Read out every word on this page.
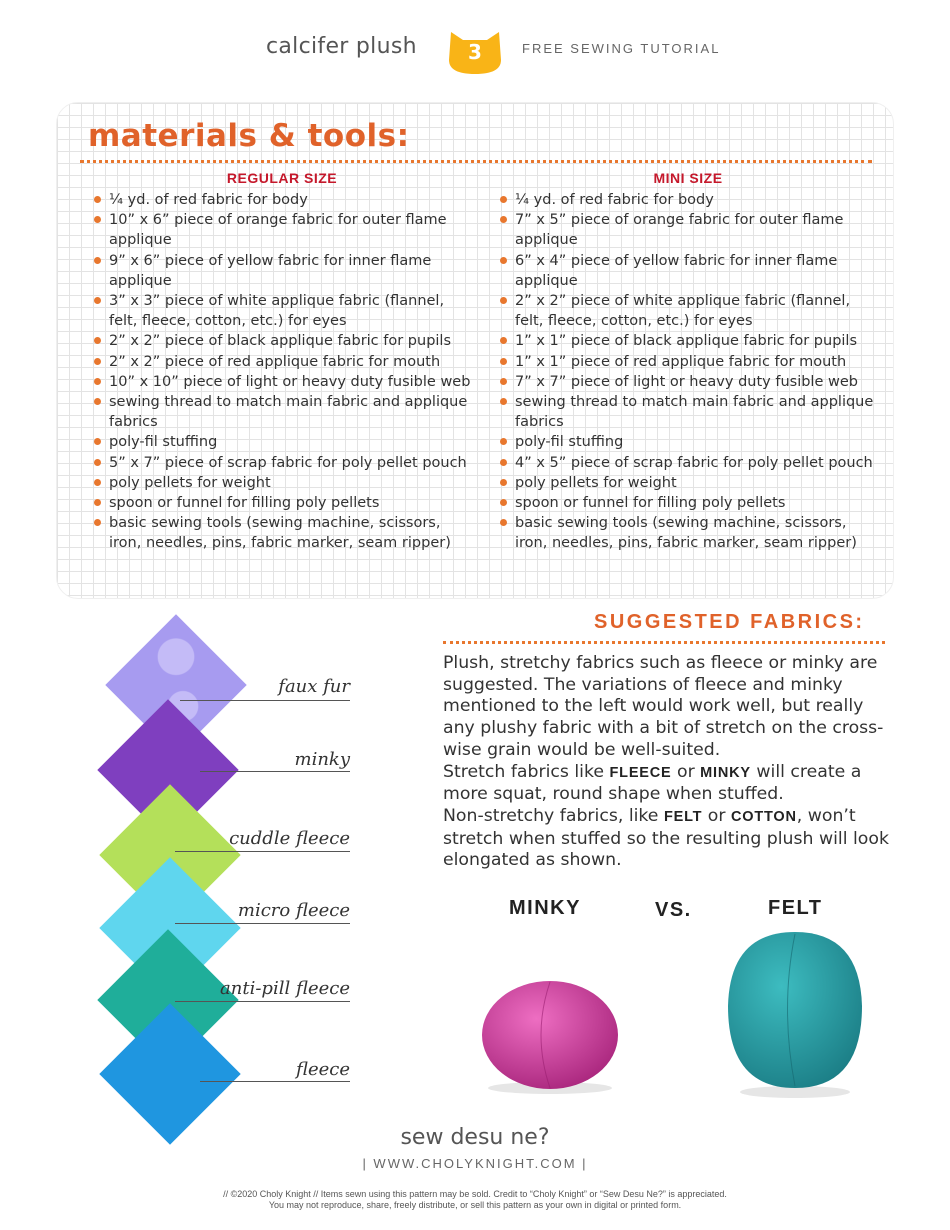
calcifer plush	3	FREE SEWING TUTORIAL
materials & tools:
REGULAR SIZE
¼ yd. of red fabric for body
10” x 6” piece of orange fabric for outer flame applique
9” x 6” piece of yellow fabric for inner flame applique
3” x 3” piece of white applique fabric (flannel, felt, fleece, cotton, etc.) for eyes
2” x 2” piece of black applique fabric for pupils
2” x 2” piece of red applique fabric for mouth
10” x 10” piece of light or heavy duty fusible web
sewing thread to match main fabric and applique fabrics
poly-fil stuffing
5” x 7” piece of scrap fabric for poly pellet pouch
poly pellets for weight
spoon or funnel for filling poly pellets
basic sewing tools (sewing machine, scissors, iron, needles, pins, fabric marker, seam ripper)
MINI SIZE
¼ yd. of red fabric for body
7” x 5” piece of orange fabric for outer flame applique
6” x 4” piece of yellow fabric for inner flame applique
2” x 2” piece of white applique fabric (flannel, felt, fleece, cotton, etc.) for eyes
1” x 1” piece of black applique fabric for pupils
1” x 1” piece of red applique fabric for mouth
7” x 7” piece of light or heavy duty fusible web
sewing thread to match main fabric and applique fabrics
poly-fil stuffing
4” x 5” piece of scrap fabric for poly pellet pouch
poly pellets for weight
spoon or funnel for filling poly pellets
basic sewing tools (sewing machine, scissors, iron, needles, pins, fabric marker, seam ripper)
faux fur
minky
cuddle fleece
micro fleece
anti-pill fleece
fleece
SUGGESTED FABRICS:
Plush, stretchy fabrics such as fleece or minky are suggested. The variations of fleece and minky mentioned to the left would work well, but really any plushy fabric with a bit of stretch on the cross-wise grain would be well-suited.
Stretch fabrics like FLEECE or MINKY will create a more squat, round shape when stuffed.
Non-stretchy fabrics, like FELT or COTTON, won’t stretch when stuffed so the resulting plush will look elongated as shown.
MINKY	VS.	FELT
sew desu ne?
| WWW.CHOLYKNIGHT.COM |
// ©2020 Choly Knight // Items sewn using this pattern may be sold. Credit to “Choly Knight” or “Sew Desu Ne?” is appreciated.
You may not reproduce, share, freely distribute, or sell this pattern as your own in digital or printed form.
